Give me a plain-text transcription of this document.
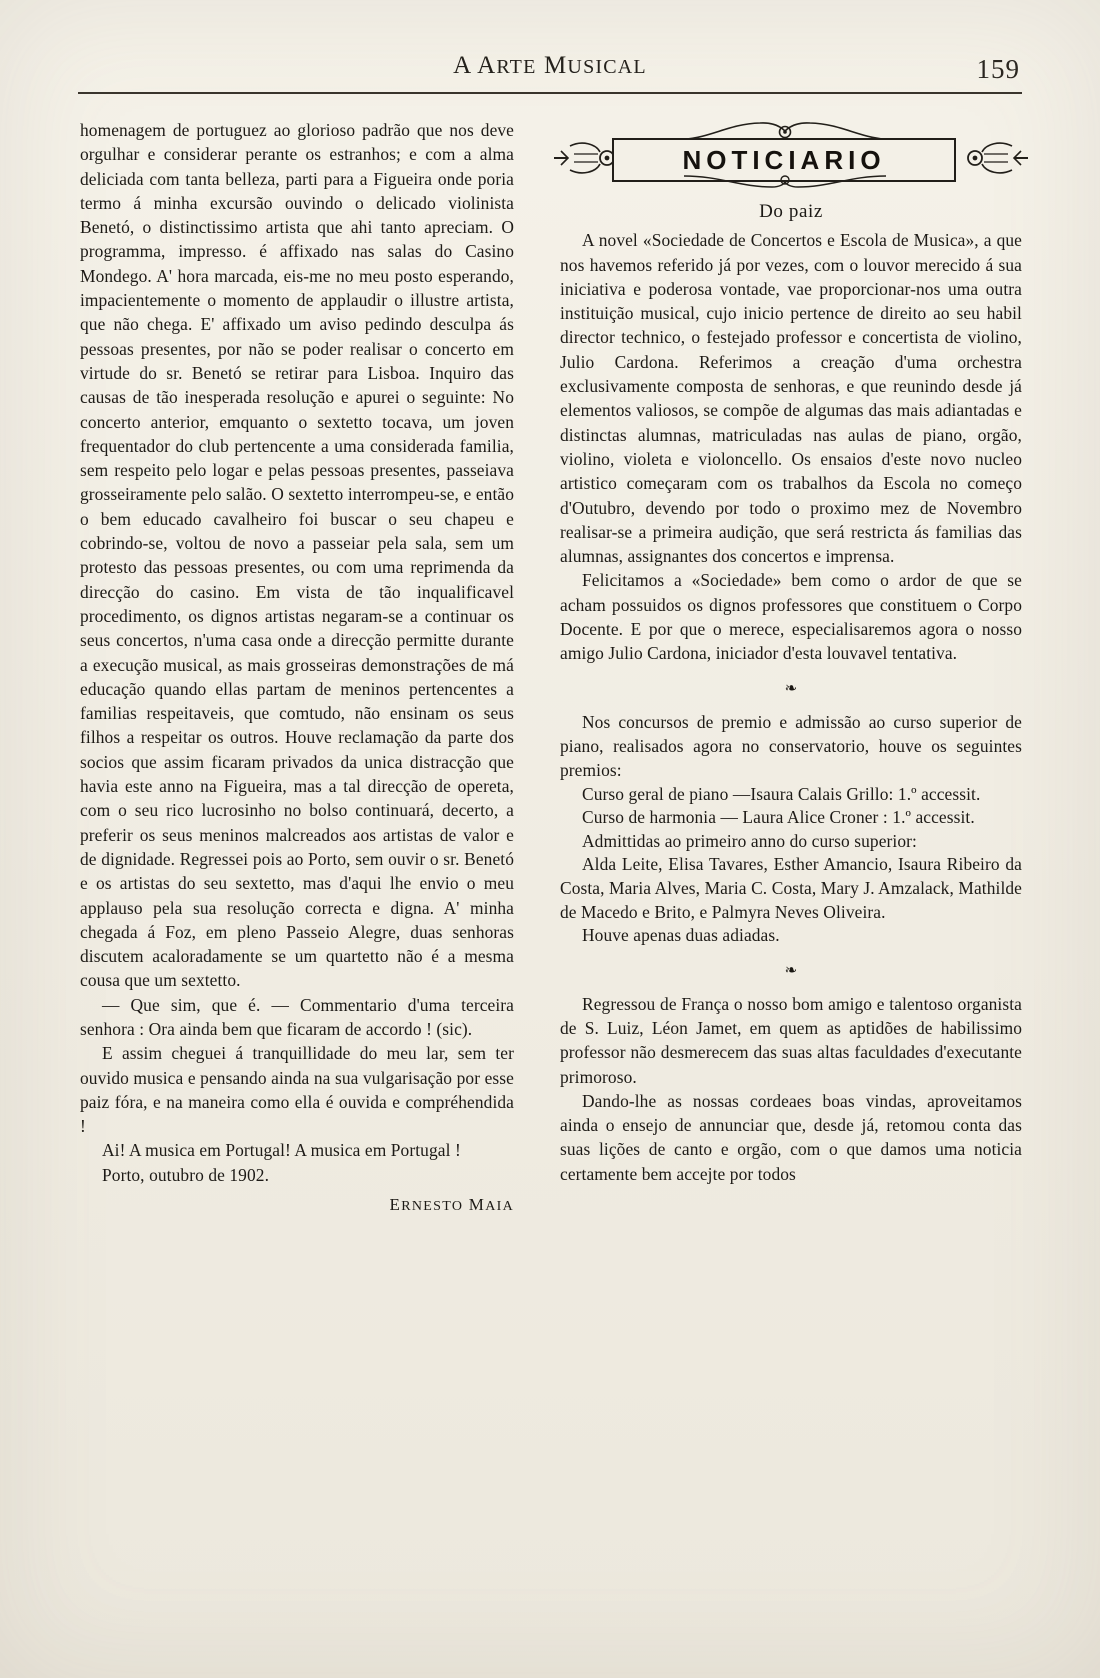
A ARTE MUSICAL	159

homenagem de portuguez ao glorioso padrão que nos deve orgulhar e considerar perante os estranhos; e com a alma deliciada com tanta belleza, parti para a Figueira onde poria termo á minha excursão ouvindo o delicado violinista Benetó, o distinctissimo artista que ahi tanto apreciam. O programma, impresso. é affixado nas salas do Casino Mondego. A' hora marcada, eis-me no meu posto esperando, impacientemente o momento de applaudir o illustre artista, que não chega. E' affixado um aviso pedindo desculpa ás pessoas presentes, por não se poder realisar o concerto em virtude do sr. Benetó se retirar para Lisboa. Inquiro das causas de tão inesperada resolução e apurei o seguinte: No concerto anterior, emquanto o sextetto tocava, um joven frequentador do club pertencente a uma considerada familia, sem respeito pelo logar e pelas pessoas presentes, passeiava grosseiramente pelo salão. O sextetto interrompeu-se, e então o bem educado cavalheiro foi buscar o seu chapeu e cobrindo-se, voltou de novo a passeiar pela sala, sem um protesto das pessoas presentes, ou com uma reprimenda da direcção do casino. Em vista de tão inqualificavel procedimento, os dignos artistas negaram-se a continuar os seus concertos, n'uma casa onde a direcção permitte durante a execução musical, as mais grosseiras demonstrações de má educação quando ellas partam de meninos pertencentes a familias respeitaveis, que comtudo, não ensinam os seus filhos a respeitar os outros. Houve reclamação da parte dos socios que assim ficaram privados da unica distracção que havia este anno na Figueira, mas a tal direcção de opereta, com o seu rico lucrosinho no bolso continuará, decerto, a preferir os seus meninos malcreados aos artistas de valor e de dignidade. Regressei pois ao Porto, sem ouvir o sr. Benetó e os artistas do seu sextetto, mas d'aqui lhe envio o meu applauso pela sua resolução correcta e digna. A' minha chegada á Foz, em pleno Passeio Alegre, duas senhoras discutem acaloradamente se um quartetto não é a mesma cousa que um sextetto.

— Que sim, que é. — Commentario d'uma terceira senhora : Ora ainda bem que ficaram de accordo ! (sic).

E assim cheguei á tranquillidade do meu lar, sem ter ouvido musica e pensando ainda na sua vulgarisação por esse paiz fóra, e na maneira como ella é ouvida e compréhendida !

Ai! A musica em Portugal! A musica em Portugal !

Porto, outubro de 1902.

ERNESTO MAIA
NOTICIARIO
Do paiz

A novel «Sociedade de Concertos e Escola de Musica», a que nos havemos referido já por vezes, com o louvor merecido á sua iniciativa e poderosa vontade, vae proporcionar-nos uma outra instituição musical, cujo inicio pertence de direito ao seu habil director technico, o festejado professor e concertista de violino, Julio Cardona. Referimos a creação d'uma orchestra exclusivamente composta de senhoras, e que reunindo desde já elementos valiosos, se compõe de algumas das mais adiantadas e distinctas alumnas, matriculadas nas aulas de piano, orgão, violino, violeta e violoncello. Os ensaios d'este novo nucleo artistico começaram com os trabalhos da Escola no começo d'Outubro, devendo por todo o proximo mez de Novembro realisar-se a primeira audição, que será restricta ás familias das alumnas, assignantes dos concertos e imprensa.

Felicitamos a «Sociedade» bem como o ardor de que se acham possuidos os dignos professores que constituem o Corpo Docente. E por que o merece, especialisaremos agora o nosso amigo Julio Cardona, iniciador d'esta louvavel tentativa.

❧

Nos concursos de premio e admissão ao curso superior de piano, realisados agora no conservatorio, houve os seguintes premios:

Curso geral de piano —Isaura Calais Grillo: 1.º accessit.

Curso de harmonia — Laura Alice Croner : 1.º accessit.

Admittidas ao primeiro anno do curso superior:

Alda Leite, Elisa Tavares, Esther Amancio, Isaura Ribeiro da Costa, Maria Alves, Maria C. Costa, Mary J. Amzalack, Mathilde de Macedo e Brito, e Palmyra Neves Oliveira.

Houve apenas duas adiadas.

❧

Regressou de França o nosso bom amigo e talentoso organista de S. Luiz, Léon Jamet, em quem as aptidões de habilissimo professor não desmerecem das suas altas faculdades d'executante primoroso.

Dando-lhe as nossas cordeaes boas vindas, aproveitamos ainda o ensejo de annunciar que, desde já, retomou conta das suas lições de canto e orgão, com o que damos uma noticia certamente bem accejte por todos
